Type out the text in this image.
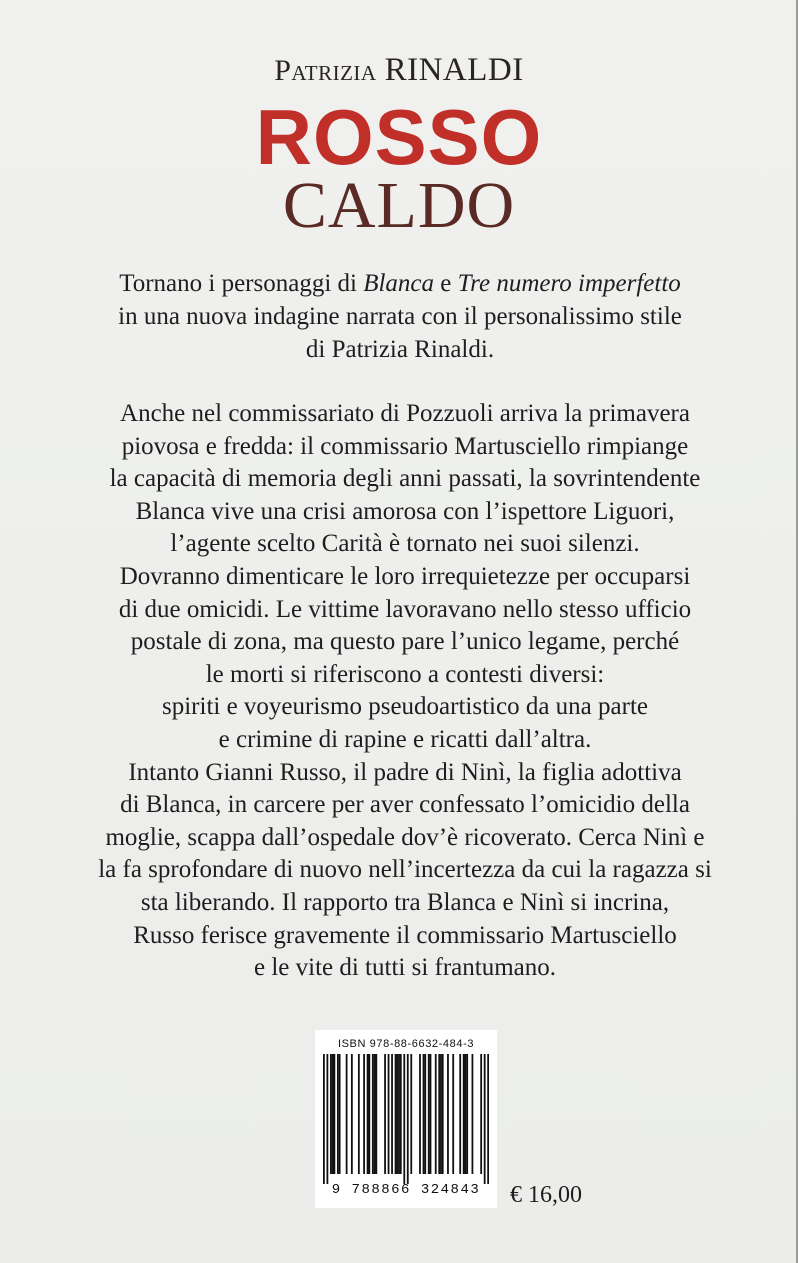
Patrizia RINALDI
ROSSO
CALDO

Tornano i personaggi di Blanca e Tre numero imperfetto

in una nuova indagine narrata con il personalissimo stile

di Patrizia Rinaldi.

Anche nel commissariato di Pozzuoli arriva la primavera

piovosa e fredda: il commissario Martusciello rimpiange

la capacità di memoria degli anni passati, la sovrintendente

Blanca vive una crisi amorosa con l’ispettore Liguori,

l’agente scelto Carità è tornato nei suoi silenzi.

Dovranno dimenticare le loro irrequietezze per occuparsi

di due omicidi. Le vittime lavoravano nello stesso ufficio

postale di zona, ma questo pare l’unico legame, perché

le morti si riferiscono a contesti diversi:

spiriti e voyeurismo pseudoartistico da una parte

e crimine di rapine e ricatti dall’altra.

Intanto Gianni Russo, il padre di Ninì, la figlia adottiva

di Blanca, in carcere per aver confessato l’omicidio della

moglie, scappa dall’ospedale dov’è ricoverato. Cerca Ninì e

la fa sprofondare di nuovo nell’incertezza da cui la ragazza si

sta liberando. Il rapporto tra Blanca e Ninì si incrina,

Russo ferisce gravemente il commissario Martusciello

e le vite di tutti si frantumano.

ISBN 978-88-6632-484-3
9 788866 324843	€ 16,00
